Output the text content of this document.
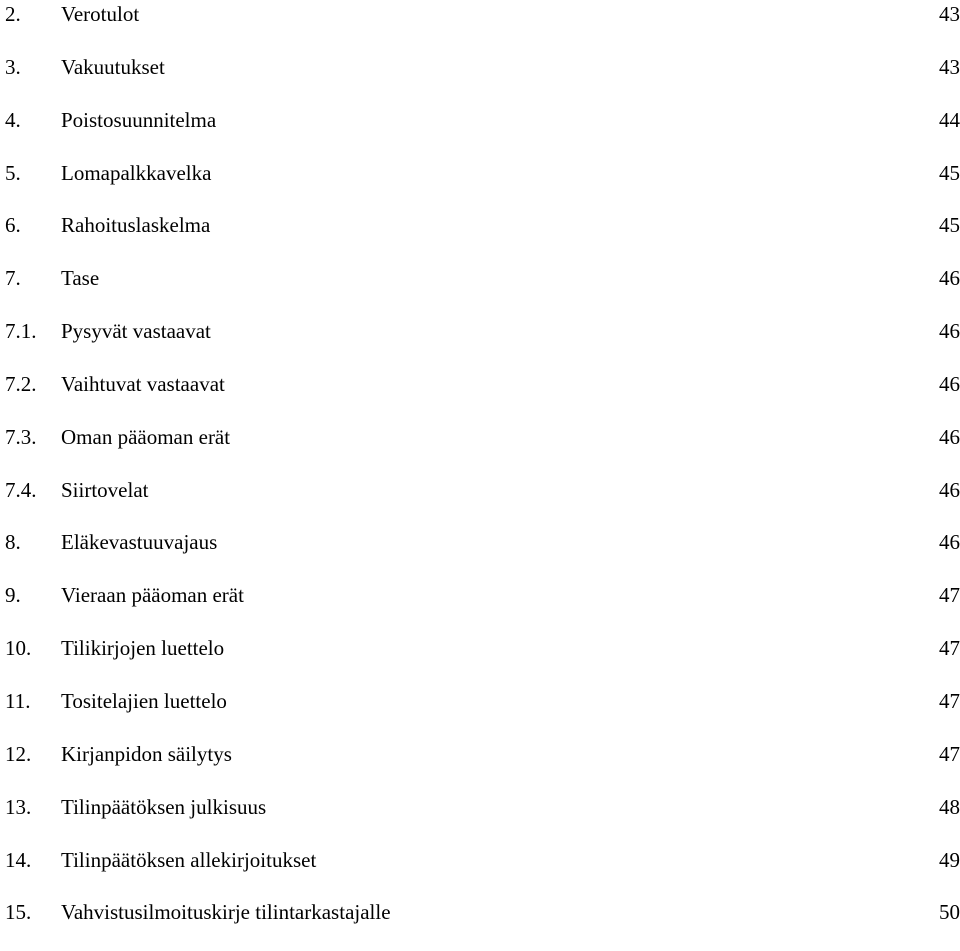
2. Verotulot	43
3. Vakuutukset	43
4. Poistosuunnitelma	44
5. Lomapalkkavelka	45
6. Rahoituslaskelma	45
7. Tase	46
7.1. Pysyvät vastaavat	46
7.2. Vaihtuvat vastaavat	46
7.3. Oman pääoman erät	46
7.4. Siirtovelat	46
8. Eläkevastuuvajaus	46
9. Vieraan pääoman erät	47
10. Tilikirjojen luettelo	47
11. Tositelajien luettelo	47
12. Kirjanpidon säilytys	47
13. Tilinpäätöksen julkisuus	48
14. Tilinpäätöksen allekirjoitukset	49
15. Vahvistusilmoituskirje tilintarkastajalle	50
